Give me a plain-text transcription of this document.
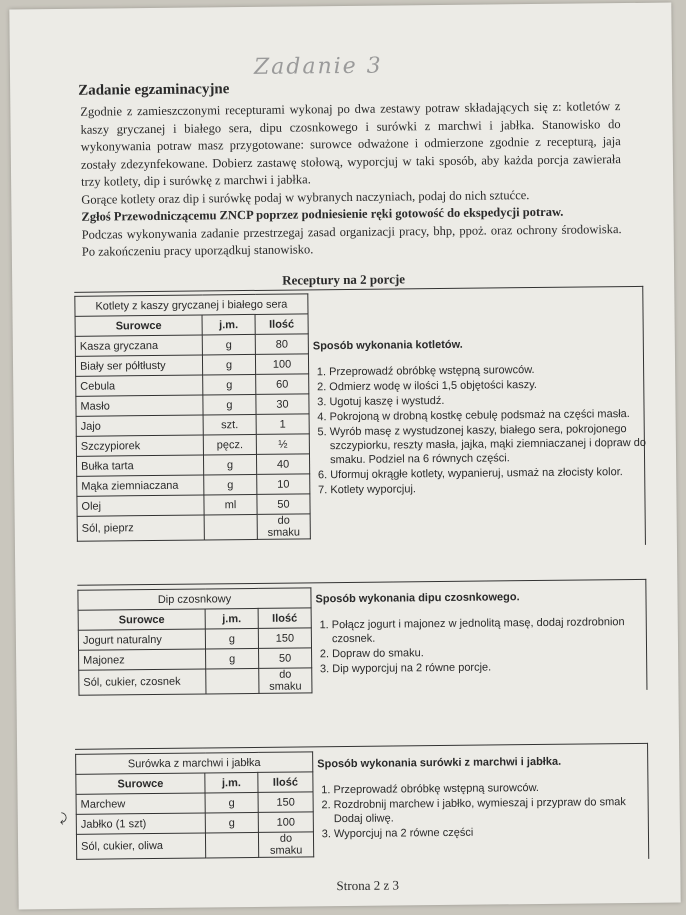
Zadanie 3
Zadanie egzaminacyjne

Zgodnie z zamieszczonymi recepturami wykonaj po dwa zestawy potraw składających się z: kotletów z kaszy gryczanej i białego sera, dipu czosnkowego i surówki z marchwi i jabłka. Stanowisko do wykonywania potraw masz przygotowane: surowce odważone i odmierzone zgodnie z recepturą, jaja zostały zdezynfekowane. Dobierz zastawę stołową, wyporcjuj w taki sposób, aby każda porcja zawierała trzy kotlety, dip i surówkę z marchwi i jabłka.

Gorące kotlety oraz dip i surówkę podaj w wybranych naczyniach, podaj do nich sztućce.

Zgłoś Przewodniczącemu ZNCP poprzez podniesienie ręki gotowość do ekspedycji potraw.

Podczas wykonywania zadanie przestrzegaj zasad organizacji pracy, bhp, ppoż. oraz ochrony środowiska. Po zakończeniu pracy uporządkuj stanowisko.

Receptury na 2 porcje
Kotlety z kaszy gryczanej i białego sera		
Surowce	j.m.	Ilość
Kasza gryczana	g	80
Biały ser półtłusty	g	100
Cebula	g	60
Masło	g	30
Jajo	szt.	1
Szczypiorek	pęcz.	½
Bułka tarta	g	40
Mąka ziemniaczana	g	10
Olej	ml	50
Sól, pieprz		do smaku
Sposób wykonania kotletów.
1. Przeprowadź obróbkę wstępną surowców.
2. Odmierz wodę w ilości 1,5 objętości kaszy.
3. Ugotuj kaszę i wystudź.
4. Pokrojoną w drobną kostkę cebulę podsmaż na części masła.
5. Wyrób masę z wystudzonej kaszy, białego sera, pokrojonego szczypiorku, reszty masła, jajka, mąki ziemniaczanej i dopraw do smaku. Podziel na 6 równych części.
6. Uformuj okrągłe kotlety, wypanieruj, usmaż na złocisty kolor.
7. Kotlety wyporcjuj.
Dip czosnkowy		
Surowce	j.m.	Ilość
Jogurt naturalny	g	150
Majonez	g	50
Sól, cukier, czosnek		do smaku
Sposób wykonania dipu czosnkowego.
1. Połącz jogurt i majonez w jednolitą masę, dodaj rozdrobnion czosnek.
2. Dopraw do smaku.
3. Dip wyporcjuj na 2 równe porcje.
Surówka z marchwi i jabłka		
Surowce	j.m.	Ilość
Marchew	g	150
Jabłko (1 szt)	g	100
Sól, cukier, oliwa		do smaku
Sposób wykonania surówki z marchwi i jabłka.
1. Przeprowadź obróbkę wstępną surowców.
2. Rozdrobnij marchew i jabłko, wymieszaj i przypraw do smak Dodaj oliwę.
3. Wyporcjuj na 2 równe części
⤸
Strona 2 z 3
